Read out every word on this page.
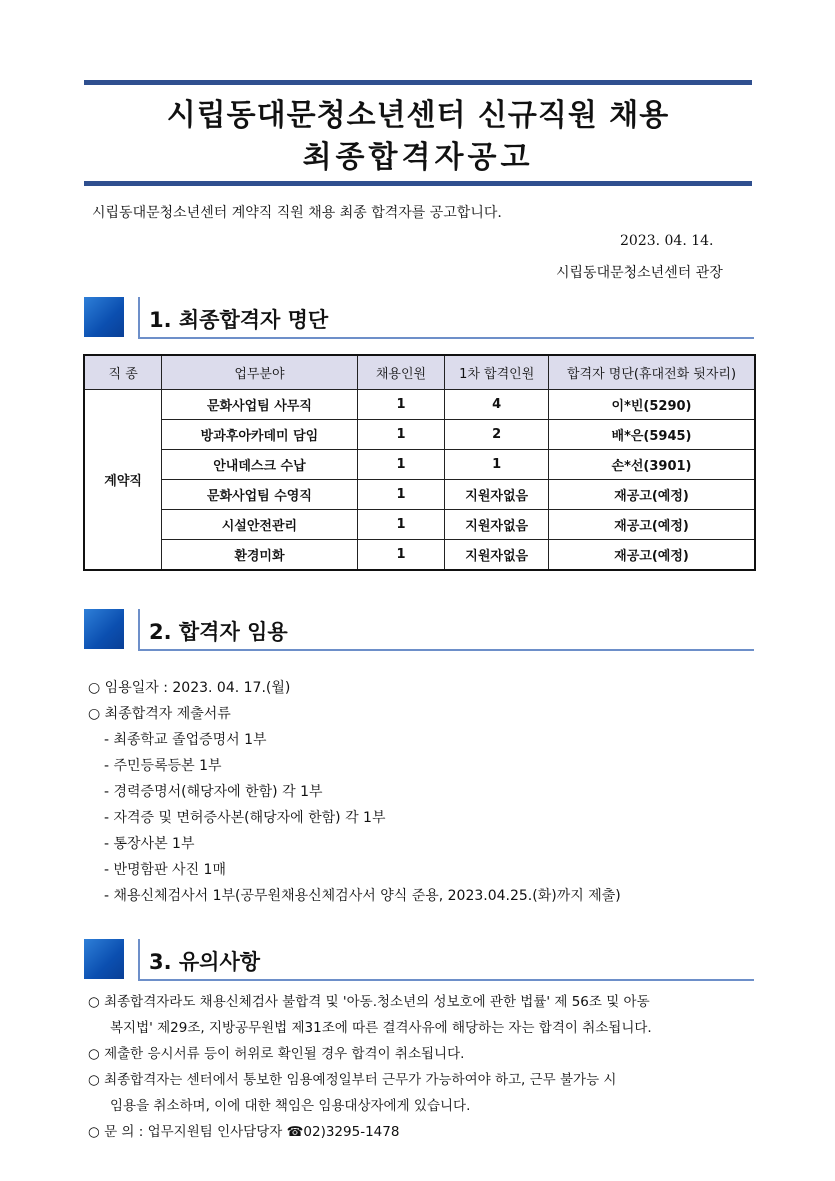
시립동대문청소년센터 신규직원 채용
최종합격자공고
시립동대문청소년센터 계약직 직원 채용 최종 합격자를 공고합니다.
2023. 04. 14.
시립동대문청소년센터 관장
1. 최종합격자 명단
직 종	업무분야	채용인원	1차 합격인원	합격자 명단(휴대전화 뒷자리)
계약직	문화사업팀 사무직	1	4	이*빈(5290)
	방과후아카데미 담임	1	2	배*은(5945)
	안내데스크 수납	1	1	손*선(3901)
	문화사업팀 수영직	1	지원자없음	재공고(예정)
	시설안전관리	1	지원자없음	재공고(예정)
	환경미화	1	지원자없음	재공고(예정)
2. 합격자 임용
○ 임용일자 : 2023. 04. 17.(월)
○ 최종합격자 제출서류
- 최종학교 졸업증명서 1부
- 주민등록등본 1부
- 경력증명서(해당자에 한함) 각 1부
- 자격증 및 면허증사본(해당자에 한함) 각 1부
- 통장사본 1부
- 반명함판 사진 1매
- 채용신체검사서 1부(공무원채용신체검사서 양식 준용, 2023.04.25.(화)까지 제출)
3. 유의사항
○ 최종합격자라도 채용신체검사 불합격 및 '아동.청소년의 성보호에 관한 법률' 제 56조 및 아동
복지법' 제29조, 지방공무원법 제31조에 따른 결격사유에 해당하는 자는 합격이 취소됩니다.
○ 제출한 응시서류 등이 허위로 확인될 경우 합격이 취소됩니다.
○ 최종합격자는 센터에서 통보한 임용예정일부터 근무가 가능하여야 하고, 근무 불가능 시
임용을 취소하며, 이에 대한 책임은 임용대상자에게 있습니다.
○ 문 의 : 업무지원팀 인사담당자 ☎02)3295-1478
